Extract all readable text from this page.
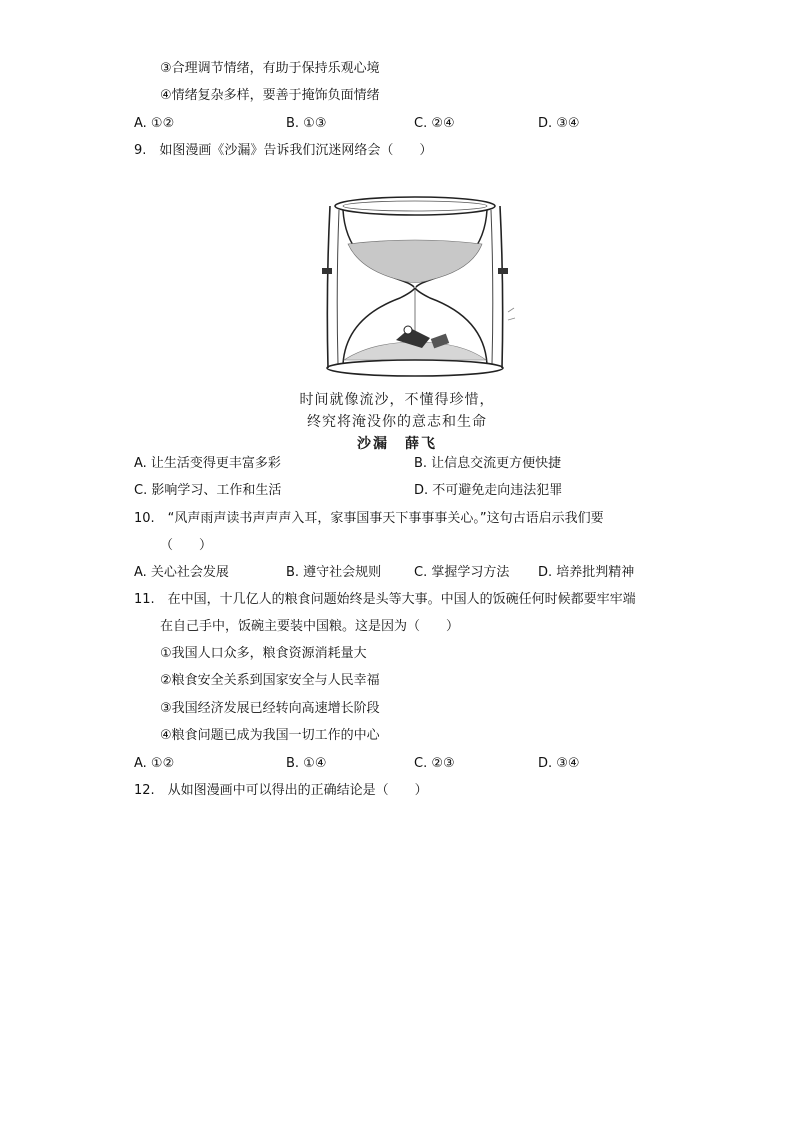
③合理调节情绪，有助于保持乐观心境
④情绪复杂多样，要善于掩饰负面情绪
A. ①②	B. ①③	C. ②④	D. ③④
9.　如图漫画《沙漏》告诉我们沉迷网络会（　　）
时间就像流沙，不懂得珍惜，
终究将淹没你的意志和生命
沙漏　薛飞
A. 让生活变得更丰富多彩	B. 让信息交流更方便快捷
C. 影响学习、工作和生活	D. 不可避免走向违法犯罪
10.　“风声雨声读书声声声入耳，家事国事天下事事事关心。”这句古语启示我们要
（　　）
A. 关心社会发展	B. 遵守社会规则	C. 掌握学习方法 D. 培养批判精神
11.　在中国，十几亿人的粮食问题始终是头等大事。中国人的饭碗任何时候都要牢牢端
在自己手中，饭碗主要装中国粮。这是因为（　　）
①我国人口众多，粮食资源消耗量大
②粮食安全关系到国家安全与人民幸福
③我国经济发展已经转向高速增长阶段
④粮食问题已成为我国一切工作的中心
A. ①②	B. ①④	C. ②③	D. ③④
12.　从如图漫画中可以得出的正确结论是（　　）
